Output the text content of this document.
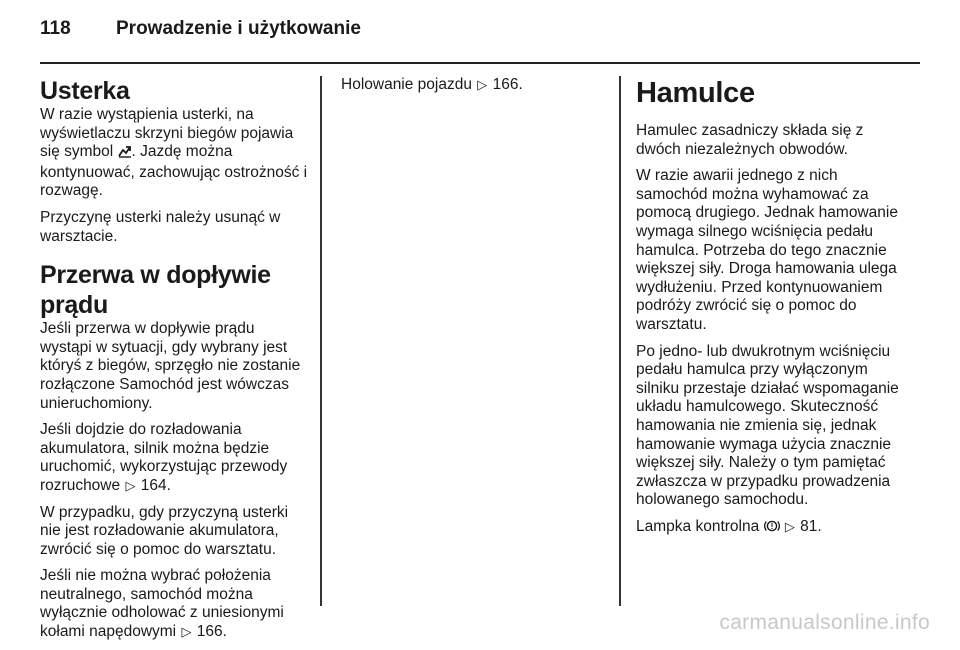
118 Prowadzenie i użytkowanie
Usterka

W razie wystąpienia usterki, na wyświetlaczu skrzyni biegów pojawia się symbol . Jazdę można kontynuować, zachowując ostrożność i rozwagę.

Przyczynę usterki należy usunąć w warsztacie.

Przerwa w dopływie prądu

Jeśli przerwa w dopływie prądu wystąpi w sytuacji, gdy wybrany jest któryś z biegów, sprzęgło nie zostanie rozłączone Samochód jest wówczas unieruchomiony.

Jeśli dojdzie do rozładowania akumulatora, silnik można będzie uruchomić, wykorzystując przewody rozruchowe ▷ 164.

W przypadku, gdy przyczyną usterki nie jest rozładowanie akumulatora, zwrócić się o pomoc do warsztatu.

Jeśli nie można wybrać położenia neutralnego, samochód można wyłącznie odholować z uniesionymi kołami napędowymi ▷ 166.

Holowanie pojazdu ▷ 166.	Hamulce

Hamulec zasadniczy składa się z dwóch niezależnych obwodów.

W razie awarii jednego z nich samochód można wyhamować za pomocą drugiego. Jednak hamowanie wymaga silnego wciśnięcia pedału hamulca. Potrzeba do tego znacznie większej siły. Droga hamowania ulega wydłużeniu. Przed kontynuowaniem podróży zwrócić się o pomoc do warsztatu.

Po jedno- lub dwukrotnym wciśnięciu pedału hamulca przy wyłączonym silniku przestaje działać wspomaganie układu hamulcowego. Skuteczność hamowania nie zmienia się, jednak hamowanie wymaga użycia znacznie większej siły. Należy o tym pamiętać zwłaszcza w przypadku prowadzenia holowanego samochodu.

Lampka kontrolna ! ▷ 81.

carmanualsonline.info
